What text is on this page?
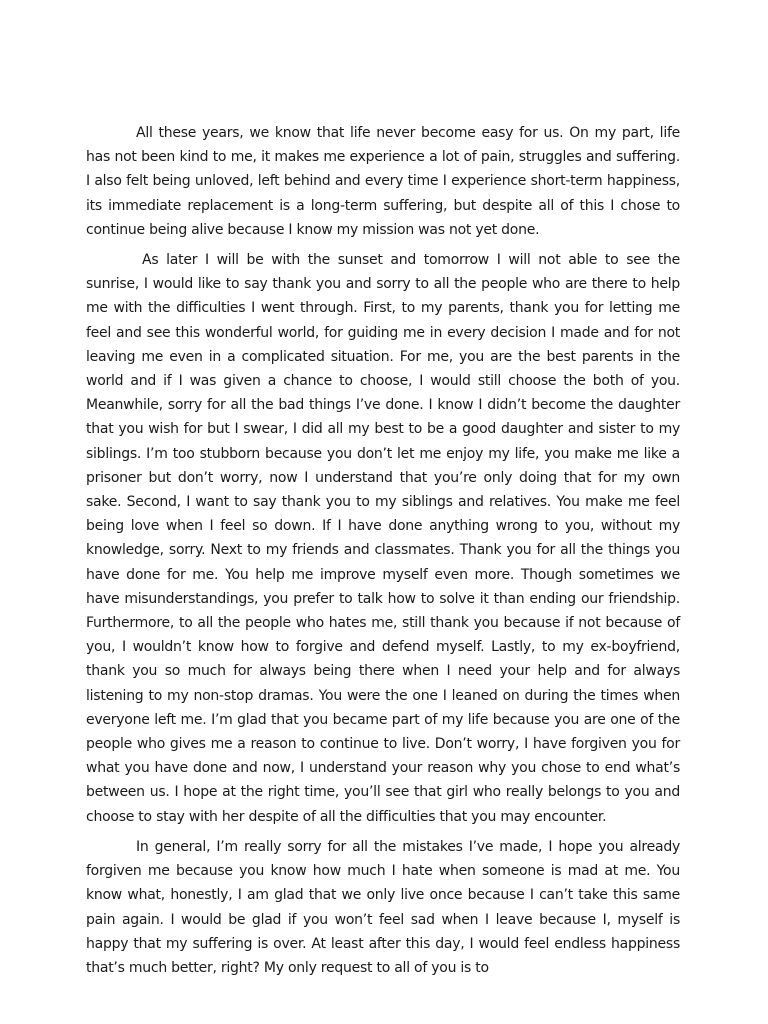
All these years, we know that life never become easy for us. On my part, life has not been kind to me, it makes me experience a lot of pain, struggles and suffering. I also felt being unloved, left behind and every time I experience short-term happiness, its immediate replacement is a long-term suffering, but despite all of this I chose to continue being alive because I know my mission was not yet done.

As later I will be with the sunset and tomorrow I will not able to see the sunrise, I would like to say thank you and sorry to all the people who are there to help me with the difficulties I went through. First, to my parents, thank you for letting me feel and see this wonderful world, for guiding me in every decision I made and for not leaving me even in a complicated situation. For me, you are the best parents in the world and if I was given a chance to choose, I would still choose the both of you. Meanwhile, sorry for all the bad things I’ve done. I know I didn’t become the daughter that you wish for but I swear, I did all my best to be a good daughter and sister to my siblings. I’m too stubborn because you don’t let me enjoy my life, you make me like a prisoner but don’t worry, now I understand that you’re only doing that for my own sake. Second, I want to say thank you to my siblings and relatives. You make me feel being love when I feel so down. If I have done anything wrong to you, without my knowledge, sorry. Next to my friends and classmates. Thank you for all the things you have done for me. You help me improve myself even more. Though sometimes we have misunderstandings, you prefer to talk how to solve it than ending our friendship. Furthermore, to all the people who hates me, still thank you because if not because of you, I wouldn’t know how to forgive and defend myself. Lastly, to my ex-boyfriend, thank you so much for always being there when I need your help and for always listening to my non-stop dramas. You were the one I leaned on during the times when everyone left me. I’m glad that you became part of my life because you are one of the people who gives me a reason to continue to live. Don’t worry, I have forgiven you for what you have done and now, I understand your reason why you chose to end what’s between us. I hope at the right time, you’ll see that girl who really belongs to you and choose to stay with her despite of all the difficulties that you may encounter.

In general, I’m really sorry for all the mistakes I’ve made, I hope you already forgiven me because you know how much I hate when someone is mad at me. You know what, honestly, I am glad that we only live once because I can’t take this same pain again. I would be glad if you won’t feel sad when I leave because I, myself is happy that my suffering is over. At least after this day, I would feel endless happiness that’s much better, right? My only request to all of you is to
